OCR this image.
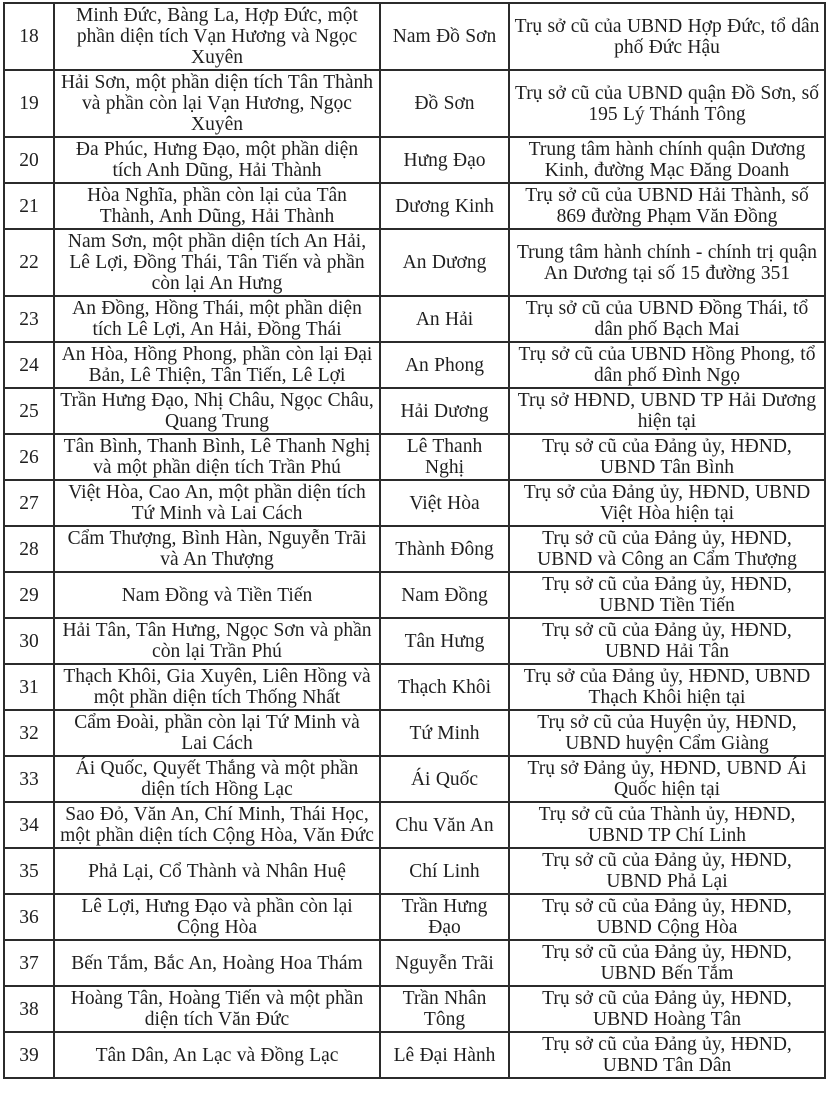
18	Minh Đức, Bàng La, Hợp Đức, một phần diện tích Vạn Hương và Ngọc Xuyên	Nam Đồ Sơn	Trụ sở cũ của UBND Hợp Đức, tổ dân phố Đức Hậu
19	Hải Sơn, một phần diện tích Tân Thành và phần còn lại Vạn Hương, Ngọc Xuyên	Đồ Sơn	Trụ sở cũ của UBND quận Đồ Sơn, số 195 Lý Thánh Tông
20	Đa Phúc, Hưng Đạo, một phần diện tích Anh Dũng, Hải Thành	Hưng Đạo	Trung tâm hành chính quận Dương Kinh, đường Mạc Đăng Doanh
21	Hòa Nghĩa, phần còn lại của Tân Thành, Anh Dũng, Hải Thành	Dương Kinh	Trụ sở cũ của UBND Hải Thành, số 869 đường Phạm Văn Đồng
22	Nam Sơn, một phần diện tích An Hải, Lê Lợi, Đồng Thái, Tân Tiến và phần còn lại An Hưng	An Dương	Trung tâm hành chính - chính trị quận An Dương tại số 15 đường 351
23	An Đồng, Hồng Thái, một phần diện tích Lê Lợi, An Hải, Đồng Thái	An Hải	Trụ sở cũ của UBND Đồng Thái, tổ dân phố Bạch Mai
24	An Hòa, Hồng Phong, phần còn lại Đại Bản, Lê Thiện, Tân Tiến, Lê Lợi	An Phong	Trụ sở cũ của UBND Hồng Phong, tổ dân phố Đình Ngọ
25	Trần Hưng Đạo, Nhị Châu, Ngọc Châu, Quang Trung	Hải Dương	Trụ sở HĐND, UBND TP Hải Dương hiện tại
26	Tân Bình, Thanh Bình, Lê Thanh Nghị và một phần diện tích Trần Phú	Lê Thanh Nghị	Trụ sở cũ của Đảng ủy, HĐND, UBND Tân Bình
27	Việt Hòa, Cao An, một phần diện tích Tứ Minh và Lai Cách	Việt Hòa	Trụ sở của Đảng ủy, HĐND, UBND Việt Hòa hiện tại
28	Cẩm Thượng, Bình Hàn, Nguyễn Trãi và An Thượng	Thành Đông	Trụ sở cũ của Đảng ủy, HĐND, UBND và Công an Cẩm Thượng
29	Nam Đồng và Tiền Tiến	Nam Đồng	Trụ sở cũ của Đảng ủy, HĐND, UBND Tiền Tiến
30	Hải Tân, Tân Hưng, Ngọc Sơn và phần còn lại Trần Phú	Tân Hưng	Trụ sở cũ của Đảng ủy, HĐND, UBND Hải Tân
31	Thạch Khôi, Gia Xuyên, Liên Hồng và một phần diện tích Thống Nhất	Thạch Khôi	Trụ sở của Đảng ủy, HĐND, UBND Thạch Khôi hiện tại
32	Cẩm Đoài, phần còn lại Tứ Minh và Lai Cách	Tứ Minh	Trụ sở cũ của Huyện ủy, HĐND, UBND huyện Cẩm Giàng
33	Ái Quốc, Quyết Thắng và một phần diện tích Hồng Lạc	Ái Quốc	Trụ sở Đảng ủy, HĐND, UBND Ái Quốc hiện tại
34	Sao Đỏ, Văn An, Chí Minh, Thái Học, một phần diện tích Cộng Hòa, Văn Đức	Chu Văn An	Trụ sở cũ của Thành ủy, HĐND, UBND TP Chí Linh
35	Phả Lại, Cổ Thành và Nhân Huệ	Chí Linh	Trụ sở cũ của Đảng ủy, HĐND, UBND Phả Lại
36	Lê Lợi, Hưng Đạo và phần còn lại Cộng Hòa	Trần Hưng Đạo	Trụ sở cũ của Đảng ủy, HĐND, UBND Cộng Hòa
37	Bến Tắm, Bắc An, Hoàng Hoa Thám	Nguyễn Trãi	Trụ sở cũ của Đảng ủy, HĐND, UBND Bến Tắm
38	Hoàng Tân, Hoàng Tiến và một phần diện tích Văn Đức	Trần Nhân Tông	Trụ sở cũ của Đảng ủy, HĐND, UBND Hoàng Tân
39	Tân Dân, An Lạc và Đồng Lạc	Lê Đại Hành	Trụ sở cũ của Đảng ủy, HĐND, UBND Tân Dân
